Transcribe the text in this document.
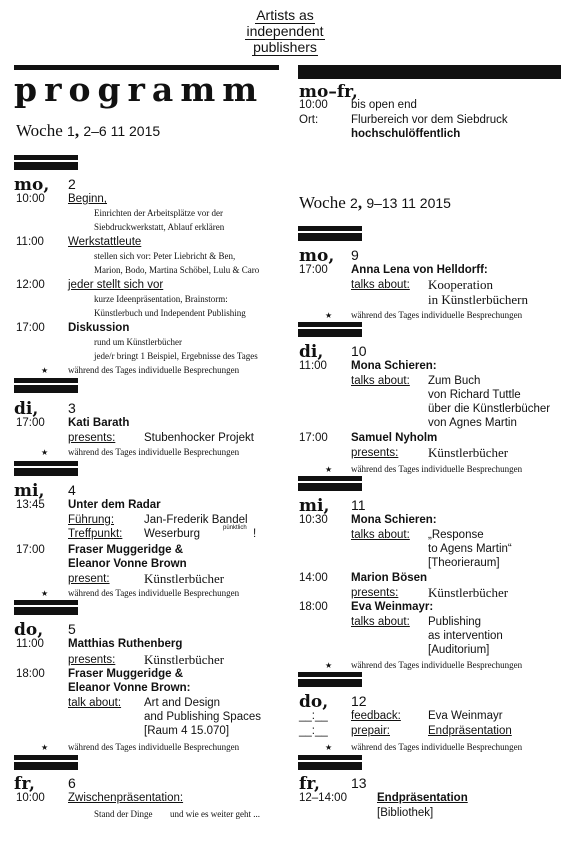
Artists as
independent
publishers
programm
Woche 1, 2–6 11 2015
mo, 2
10:00	Beginn,
Einrichten der Arbeitsplätze vor der
Siebdruckwerkstatt, Ablauf erklären
11:00	Werkstattleute
stellen sich vor: Peter Liebricht & Ben,
Marion, Bodo, Martina Schöbel, Lulu & Caro
12:00	jeder stellt sich vor
kurze Ideenpräsentation, Brainstorm:
Künstlerbuch und Independent Publishing
17:00	Diskussion
rund um Künstlerbücher
jede/r bringt 1 Beispiel, Ergebnisse des Tages
★ während des Tages individuelle Besprechungen
di, 3
17:00	Kati Barath
presents: Stubenhocker Projekt
★ während des Tages individuelle Besprechungen
mi, 4
13:45	Unter dem Radar
Führung:	Jan-Frederik Bandel
Treffpunkt: Weserburg	pünktlich !
17:00	Fraser Muggeridge &
Eleanor Vonne Brown
present:	Künstlerbücher
★ während des Tages individuelle Besprechungen
do, 5
11:00	Matthias Ruthenberg
presents: Künstlerbücher
18:00	Fraser Muggeridge &
Eleanor Vonne Brown:
talk about: Art and Design
and Publishing Spaces
[Raum 4 15.070]
★ während des Tages individuelle Besprechungen
fr, 6
10:00	Zwischenpräsentation:
Stand der Dinge und wie es weiter geht ...
mo–fr,
10:00	bis open end
Ort:	Flurbereich vor dem Siebdruck
hochschulöffentlich
Woche 2, 9–13 11 2015
mo, 9
17:00	Anna Lena von Helldorff:
talks about: Kooperation
in Künstlerbüchern
★ während des Tages individuelle Besprechungen
di, 10
11:00	Mona Schieren:
talks about: Zum Buch
von Richard Tuttle
über die Künstlerbücher
von Agnes Martin
17:00	Samuel Nyholm
presents: Künstlerbücher
★ während des Tages individuelle Besprechungen
mi, 11
10:30	Mona Schieren:
talks about: „Response
to Agens Martin“
[Theorieraum]
14:00	Marion Bösen
presents: Künstlerbücher
18:00	Eva Weinmayr:
talks about: Publishing
as intervention
[Auditorium]
★ während des Tages individuelle Besprechungen
do, 12
__:__	feedback: Eva Weinmayr
__:__	prepair:	Endpräsentation
★ während des Tages individuelle Besprechungen
fr, 13
12–14:00	Endpräsentation
[Bibliothek]
